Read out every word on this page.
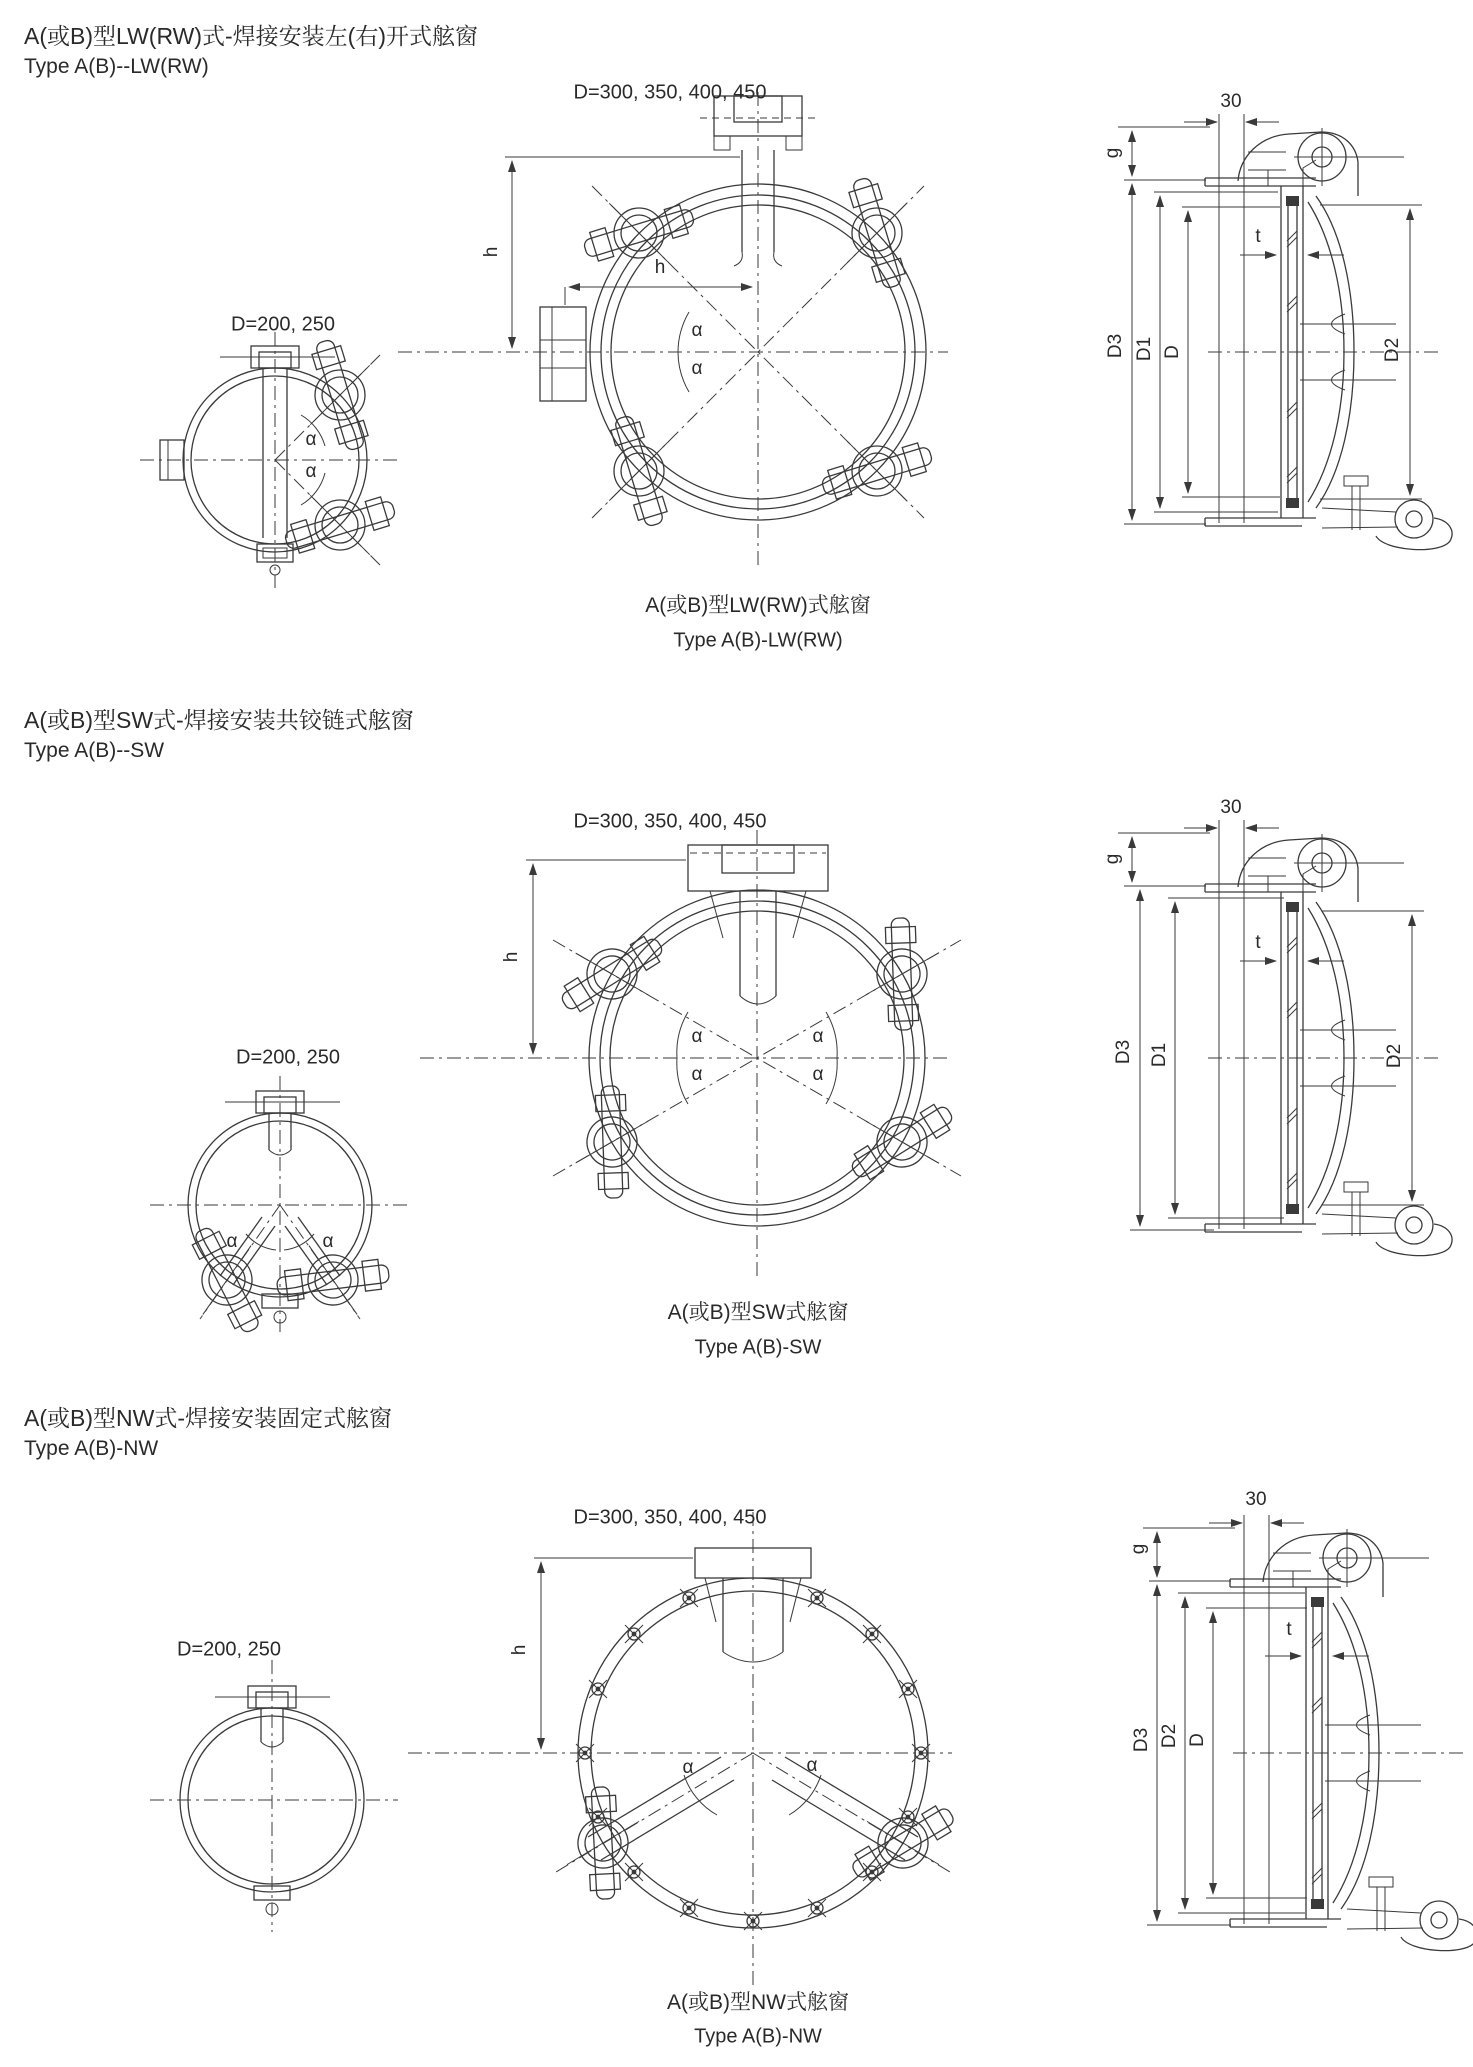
A(或B)型LW(RW)式-焊接安装左(右)开式舷窗
Type A(B)--LW(RW)
D=200, 250
D=300, 350, 400, 450
h
h
α
α
α
α
A(或B)型LW(RW)式舷窗
Type A(B)-LW(RW)
30
g
t
D3 D1 D	D2
A(或B)型SW式-焊接安装共铰链式舷窗
Type A(B)--SW
D=200, 250
D=300, 350, 400, 450
h
α
α
α
α
α	α
A(或B)型SW式舷窗
Type A(B)-SW
30
g
t
D3 D1	D2
A(或B)型NW式-焊接安装固定式舷窗
Type A(B)-NW
D=200, 250
D=300, 350, 400, 450
h
α	α
A(或B)型NW式舷窗
Type A(B)-NW
30
g
t
D3 D2 D
